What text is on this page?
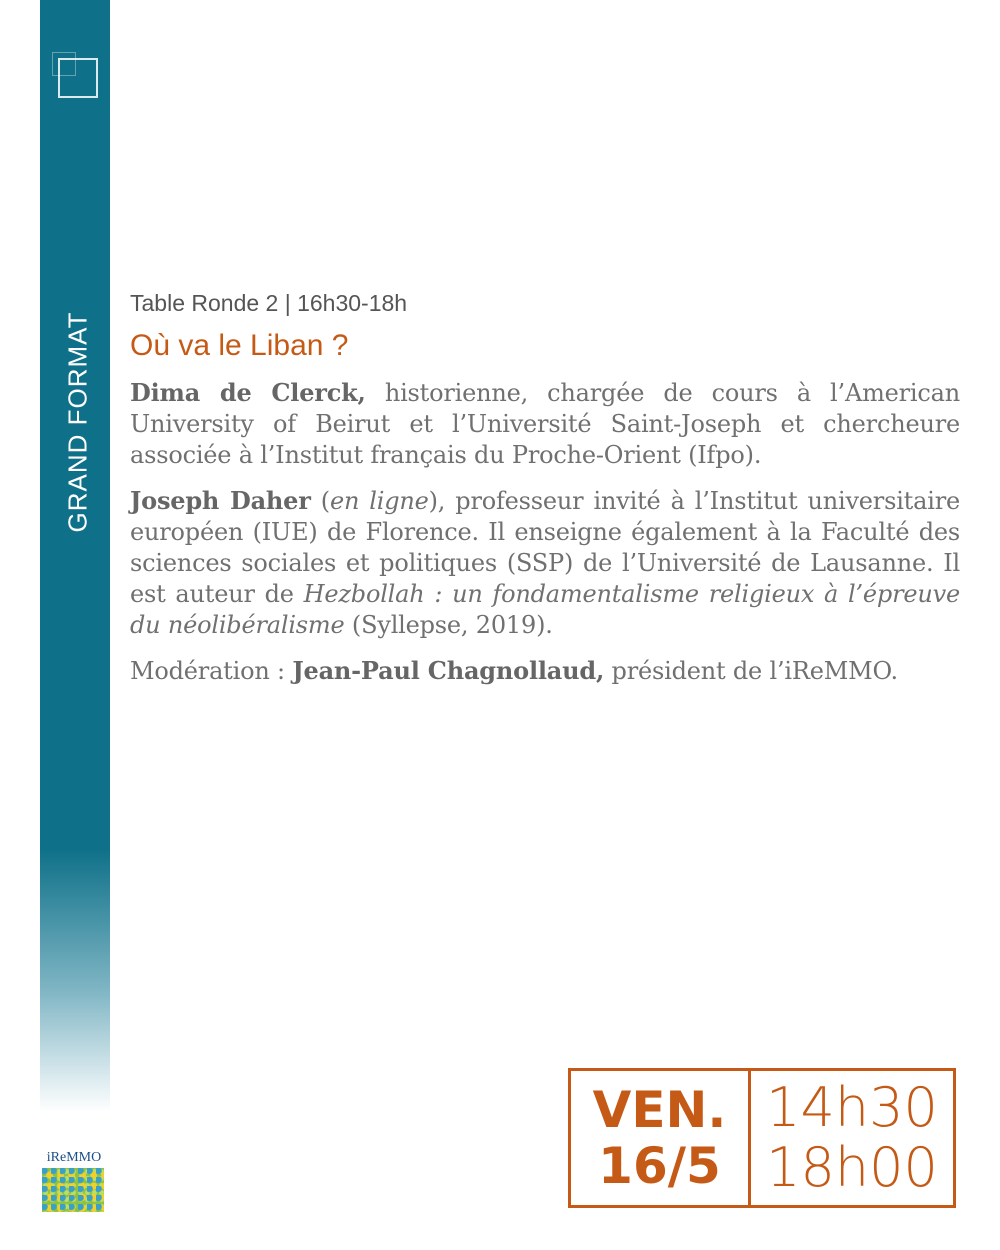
GRAND FORMAT
Table Ronde 2 | 16h30-18h
Où va le Liban ?

Dima de Clerck, historienne, chargée de cours à l’American University of Beirut et l’Université Saint-Joseph et chercheure associée à l’Institut français du Proche-Orient (Ifpo).

Joseph Daher (en ligne), professeur invité à l’Institut universitaire européen (IUE) de Florence. Il enseigne également à la Faculté des sciences sociales et politiques (SSP) de l’Université de Lausanne. Il est auteur de Hezbollah : un fondamentalisme religieux à l’épreuve du néolibéralisme (Syllepse, 2019).

Modération : Jean-Paul Chagnollaud, président de l’iReMMO.

VEN.
16/5
14h30
18h00
iReMMO
